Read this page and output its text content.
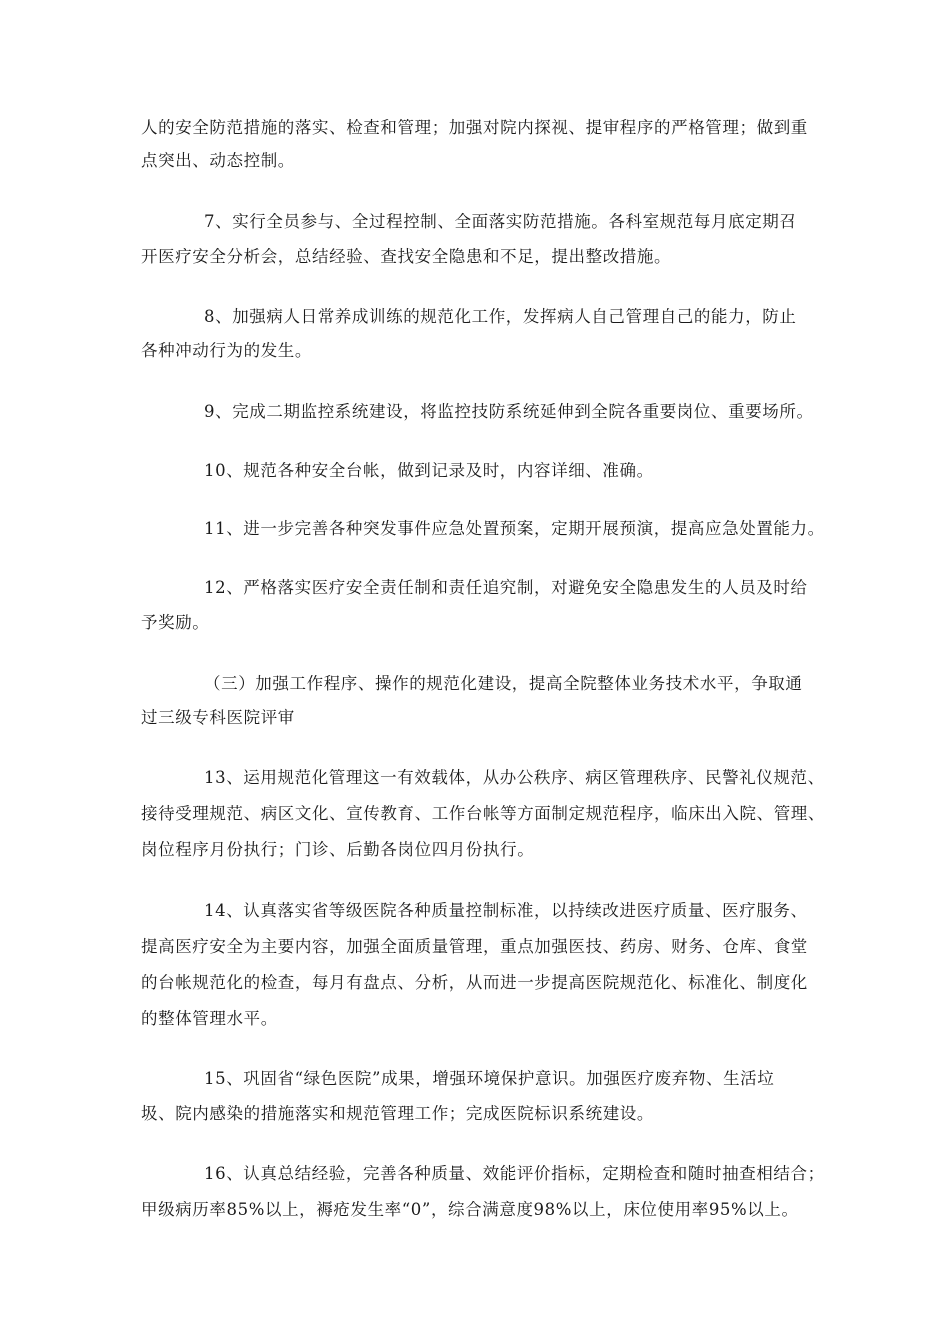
人的安全防范措施的落实、检查和管理；加强对院内探视、提审程序的严格管理；做到重
点突出、动态控制。
7、实行全员参与、全过程控制、全面落实防范措施。各科室规范每月底定期召
开医疗安全分析会，总结经验、查找安全隐患和不足，提出整改措施。
8、加强病人日常养成训练的规范化工作，发挥病人自己管理自己的能力，防止
各种冲动行为的发生。
9、完成二期监控系统建设，将监控技防系统延伸到全院各重要岗位、重要场所。
10、规范各种安全台帐，做到记录及时，内容详细、准确。
11、进一步完善各种突发事件应急处置预案，定期开展预演，提高应急处置能力。
12、严格落实医疗安全责任制和责任追究制，对避免安全隐患发生的人员及时给
予奖励。
（三）加强工作程序、操作的规范化建设，提高全院整体业务技术水平，争取通
过三级专科医院评审
13、运用规范化管理这一有效载体，从办公秩序、病区管理秩序、民警礼仪规范、
接待受理规范、病区文化、宣传教育、工作台帐等方面制定规范程序，临床出入院、管理、
岗位程序月份执行；门诊、后勤各岗位四月份执行。
14、认真落实省等级医院各种质量控制标准，以持续改进医疗质量、医疗服务、
提高医疗安全为主要内容，加强全面质量管理，重点加强医技、药房、财务、仓库、食堂
的台帐规范化的检查，每月有盘点、分析，从而进一步提高医院规范化、标准化、制度化
的整体管理水平。
15、巩固省“绿色医院”成果，增强环境保护意识。加强医疗废弃物、生活垃
圾、院内感染的措施落实和规范管理工作；完成医院标识系统建设。
16、认真总结经验，完善各种质量、效能评价指标，定期检查和随时抽查相结合；
甲级病历率85%以上，褥疮发生率“0”，综合满意度98%以上，床位使用率95%以上。
